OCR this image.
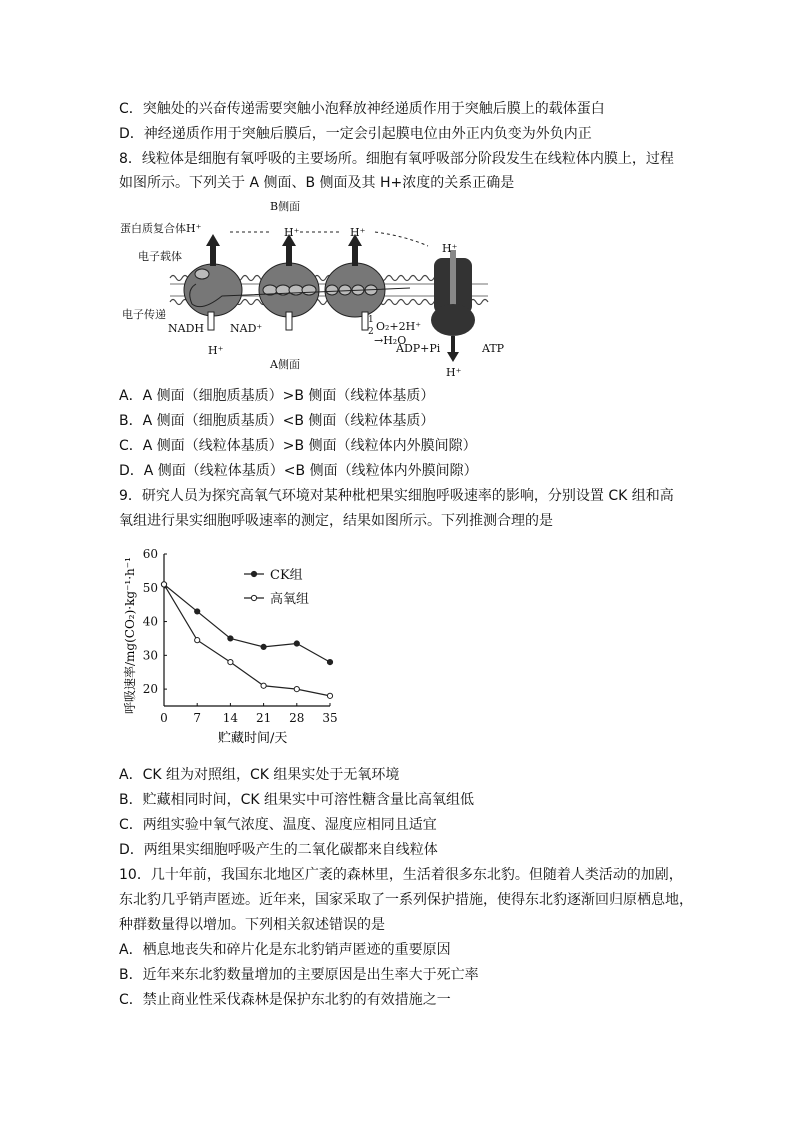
C．突触处的兴奋传递需要突触小泡释放神经递质作用于突触后膜上的载体蛋白
D．神经递质作用于突触后膜后，一定会引起膜电位由外正内负变为外负内正
8．线粒体是细胞有氧呼吸的主要场所。细胞有氧呼吸部分阶段发生在线粒体内膜上，过程
如图所示。下列关于 A 侧面、B 侧面及其 H+浓度的关系正确是
B侧面
A侧面
蛋白质复合体H⁺
电子载体
电子传递
NADH NAD⁺
H⁺	H⁺
H⁺
H⁺
H⁺
1
2 O₂+2H⁺
→H₂O
ADP+Pi	ATP
A．A 侧面（细胞质基质）>B 侧面（线粒体基质）
B．A 侧面（细胞质基质）<B 侧面（线粒体基质）
C．A 侧面（线粒体基质）>B 侧面（线粒体内外膜间隙）
D．A 侧面（线粒体基质）<B 侧面（线粒体内外膜间隙）
9．研究人员为探究高氧气环境对某种枇杷果实细胞呼吸速率的影响，分别设置 CK 组和高
氧组进行果实细胞呼吸速率的测定，结果如图所示。下列推测合理的是
0 7 14 21 28 35
20
30
40
50
60
CK组
高氧组
贮藏时间/天
呼吸速率/mg(CO₂)·kg⁻¹·h⁻¹
A．CK 组为对照组，CK 组果实处于无氧环境
B．贮藏相同时间，CK 组果实中可溶性糖含量比高氧组低
C．两组实验中氧气浓度、温度、湿度应相同且适宜
D．两组果实细胞呼吸产生的二氧化碳都来自线粒体
10．几十年前，我国东北地区广袤的森林里，生活着很多东北豹。但随着人类活动的加剧，
东北豹几乎销声匿迹。近年来，国家采取了一系列保护措施，使得东北豹逐渐回归原栖息地，
种群数量得以增加。下列相关叙述错误的是
A．栖息地丧失和碎片化是东北豹销声匿迹的重要原因
B．近年来东北豹数量增加的主要原因是出生率大于死亡率
C．禁止商业性采伐森林是保护东北豹的有效措施之一
